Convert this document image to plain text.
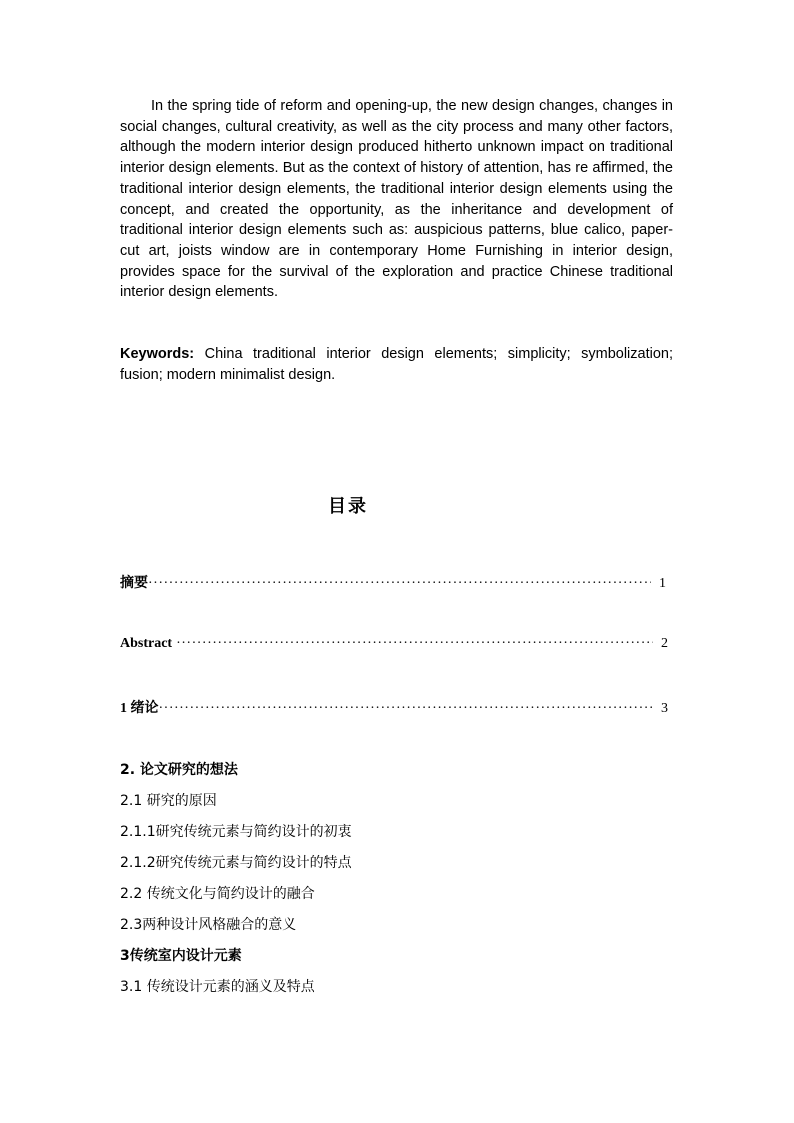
In the spring tide of reform and opening-up, the new design changes, changes in social changes, cultural creativity, as well as the city process and many other factors, although the modern interior design produced hitherto unknown impact on traditional interior design elements. But as the context of history of attention, has re affirmed, the traditional interior design elements, the traditional interior design elements using the concept, and created the opportunity, as the inheritance and development of traditional interior design elements such as: auspicious patterns, blue calico, paper-cut art, joists window are in contemporary Home Furnishing in interior design, provides space for the survival of the exploration and practice Chinese traditional interior design elements.

Keywords: China traditional interior design elements; simplicity; symbolization; fusion; modern minimalist design.

目录
摘要 ·····	1
Abstract ·····	2
1 绪论 ·····	3
2. 论文研究的想法
2.1 研究的原因
2.1.1研究传统元素与简约设计的初衷
2.1.2研究传统元素与简约设计的特点
2.2 传统文化与简约设计的融合
2.3两种设计风格融合的意义
3传统室内设计元素
3.1 传统设计元素的涵义及特点
